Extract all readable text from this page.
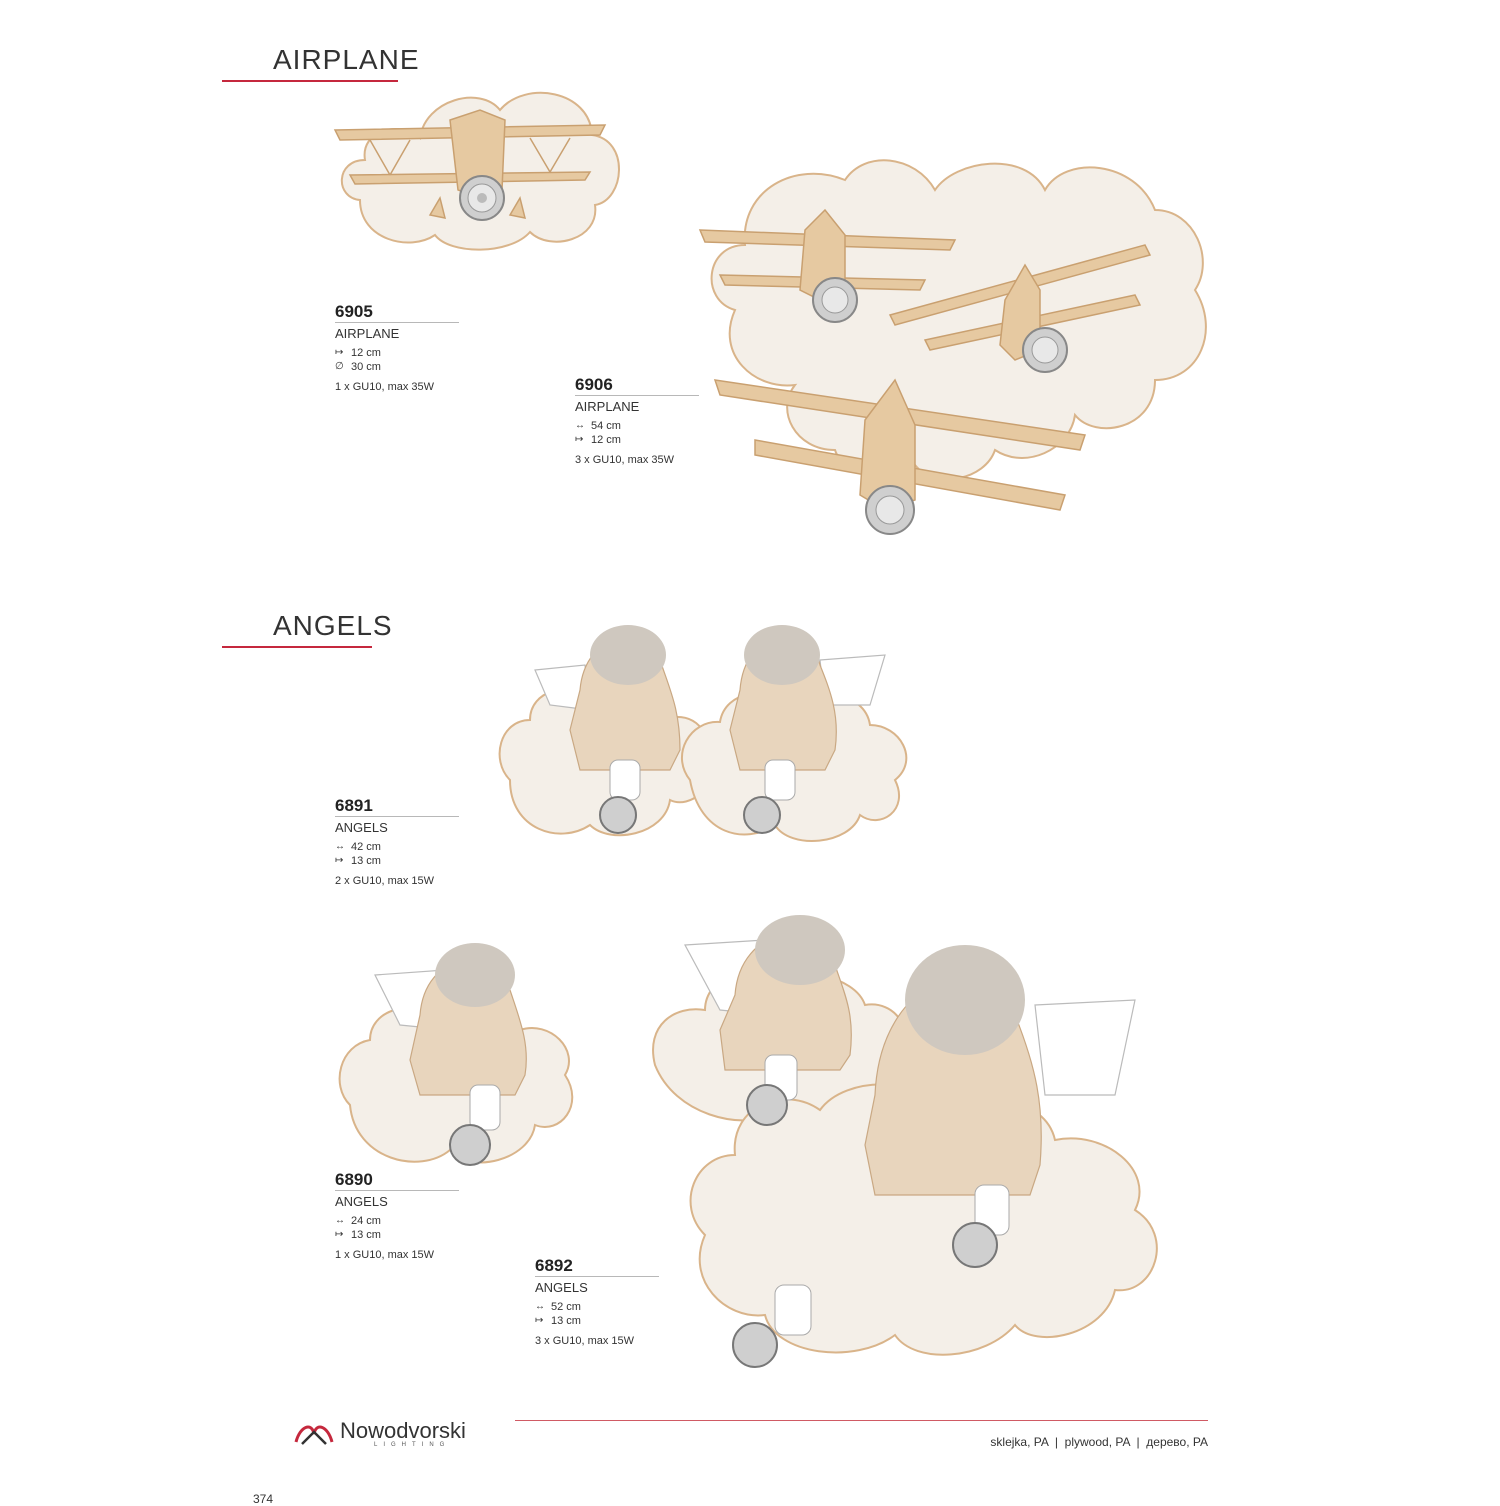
AIRPLANE
ANGELS
6905
AIRPLANE
↦ 12 cm
∅ 30 cm
1 x GU10, max 35W	6906
AIRPLANE
↔ 54 cm
↦ 12 cm
3 x GU10, max 35W
6891
ANGELS
↔ 42 cm
↦ 13 cm
2 x GU10, max 15W
6890
ANGELS
↔ 24 cm
↦ 13 cm
1 x GU10, max 15W
6892
ANGELS
↔ 52 cm
↦ 13 cm
3 x GU10, max 15W
Nowodvorski
LIGHTING	sklejka, PA  |  plywood, PA  |  дерево, PA
374
